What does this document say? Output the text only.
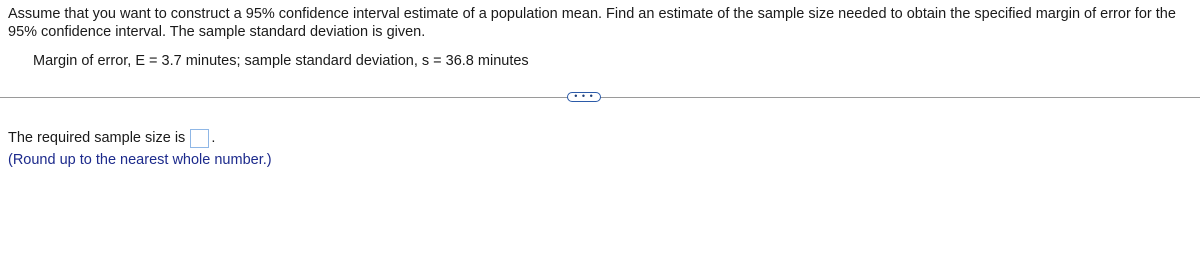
Assume that you want to construct a 95% confidence interval estimate of a population mean. Find an estimate of the sample size needed to obtain the specified margin of error for the 95% confidence interval. The sample standard deviation is given.
Margin of error, E = 3.7 minutes; sample standard deviation, s = 36.8 minutes
• • •
The required sample size is .
(Round up to the nearest whole number.)
